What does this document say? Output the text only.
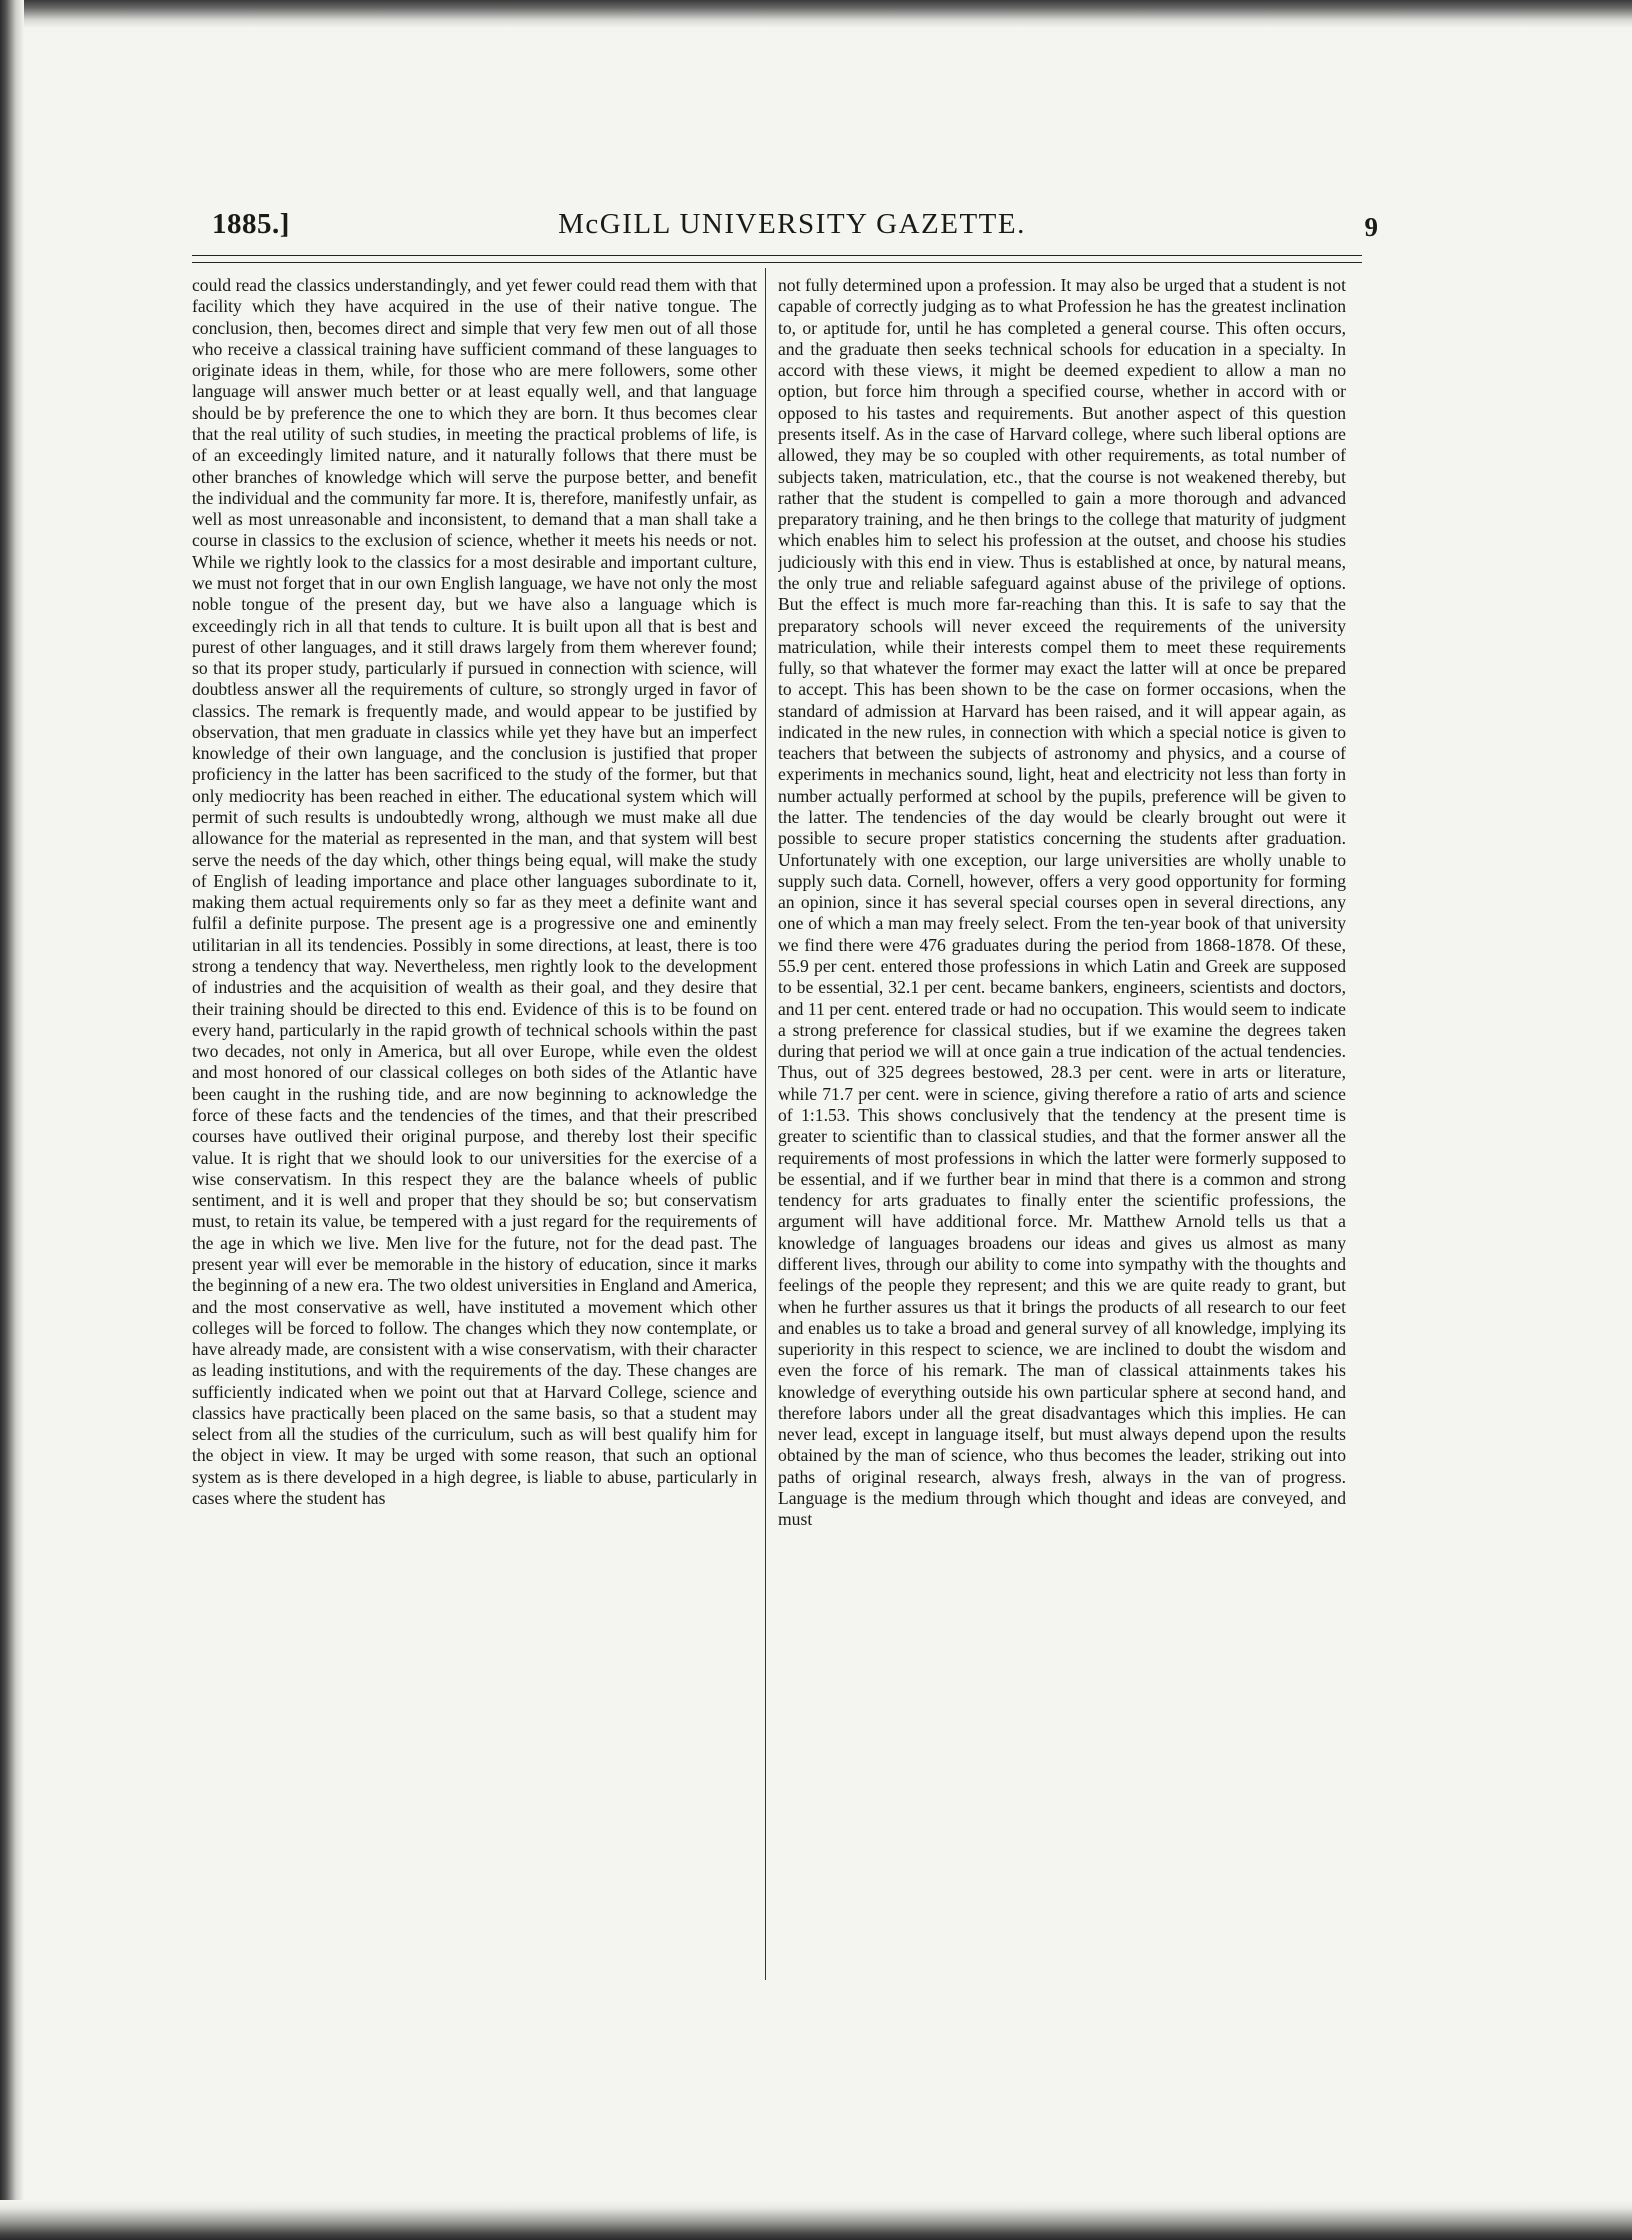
1885.]	McGILL UNIVERSITY GAZETTE.	9

could read the classics understandingly, and yet fewer could read them with that facility which they have acquired in the use of their native tongue. The conclusion, then, becomes direct and simple that very few men out of all those who receive a classical training have sufficient command of these languages to originate ideas in them, while, for those who are mere followers, some other language will answer much better or at least equally well, and that language should be by preference the one to which they are born. It thus becomes clear that the real utility of such studies, in meeting the practical problems of life, is of an exceedingly limited nature, and it naturally follows that there must be other branches of knowledge which will serve the purpose better, and benefit the individual and the community far more. It is, therefore, manifestly unfair, as well as most unreasonable and inconsistent, to demand that a man shall take a course in classics to the exclusion of science, whether it meets his needs or not. While we rightly look to the classics for a most desirable and important culture, we must not forget that in our own English language, we have not only the most noble tongue of the present day, but we have also a language which is exceedingly rich in all that tends to culture. It is built upon all that is best and purest of other languages, and it still draws largely from them wherever found; so that its proper study, particularly if pursued in connection with science, will doubtless answer all the requirements of culture, so strongly urged in favor of classics. The remark is frequently made, and would appear to be justified by observation, that men graduate in classics while yet they have but an imperfect knowledge of their own language, and the conclusion is justified that proper proficiency in the latter has been sacrificed to the study of the former, but that only mediocrity has been reached in either. The educational system which will permit of such results is undoubtedly wrong, although we must make all due allowance for the material as represented in the man, and that system will best serve the needs of the day which, other things being equal, will make the study of English of leading importance and place other languages subordinate to it, making them actual requirements only so far as they meet a definite want and fulfil a definite purpose. The present age is a progressive one and eminently utilitarian in all its tendencies. Possibly in some directions, at least, there is too strong a tendency that way. Nevertheless, men rightly look to the development of industries and the acquisition of wealth as their goal, and they desire that their training should be directed to this end. Evidence of this is to be found on every hand, particularly in the rapid growth of technical schools within the past two decades, not only in America, but all over Europe, while even the oldest and most honored of our classical colleges on both sides of the Atlantic have been caught in the rushing tide, and are now beginning to acknowledge the force of these facts and the tendencies of the times, and that their prescribed courses have outlived their original purpose, and thereby lost their specific value. It is right that we should look to our universities for the exercise of a wise conservatism. In this respect they are the balance wheels of public sentiment, and it is well and proper that they should be so; but conservatism must, to retain its value, be tempered with a just regard for the requirements of the age in which we live. Men live for the future, not for the dead past. The present year will ever be memorable in the history of education, since it marks the beginning of a new era. The two oldest universities in England and America, and the most conservative as well, have instituted a movement which other colleges will be forced to follow. The changes which they now contemplate, or have already made, are consistent with a wise conservatism, with their character as leading institutions, and with the requirements of the day. These changes are sufficiently indicated when we point out that at Harvard College, science and classics have practically been placed on the same basis, so that a student may select from all the studies of the curriculum, such as will best qualify him for the object in view. It may be urged with some reason, that such an optional system as is there developed in a high degree, is liable to abuse, particularly in cases where the student has

not fully determined upon a profession. It may also be urged that a student is not capable of correctly judging as to what Profession he has the greatest inclination to, or aptitude for, until he has completed a general course. This often occurs, and the graduate then seeks technical schools for education in a specialty. In accord with these views, it might be deemed expedient to allow a man no option, but force him through a specified course, whether in accord with or opposed to his tastes and requirements. But another aspect of this question presents itself. As in the case of Harvard college, where such liberal options are allowed, they may be so coupled with other requirements, as total number of subjects taken, matriculation, etc., that the course is not weakened thereby, but rather that the student is compelled to gain a more thorough and advanced preparatory training, and he then brings to the college that maturity of judgment which enables him to select his profession at the outset, and choose his studies judiciously with this end in view. Thus is established at once, by natural means, the only true and reliable safeguard against abuse of the privilege of options. But the effect is much more far-reaching than this. It is safe to say that the preparatory schools will never exceed the requirements of the university matriculation, while their interests compel them to meet these requirements fully, so that whatever the former may exact the latter will at once be prepared to accept. This has been shown to be the case on former occasions, when the standard of admission at Harvard has been raised, and it will appear again, as indicated in the new rules, in connection with which a special notice is given to teachers that between the subjects of astronomy and physics, and a course of experiments in mechanics sound, light, heat and electricity not less than forty in number actually performed at school by the pupils, preference will be given to the latter. The tendencies of the day would be clearly brought out were it possible to secure proper statistics concerning the students after graduation. Unfortunately with one exception, our large universities are wholly unable to supply such data. Cornell, however, offers a very good opportunity for forming an opinion, since it has several special courses open in several directions, any one of which a man may freely select. From the ten-year book of that university we find there were 476 graduates during the period from 1868-1878. Of these, 55.9 per cent. entered those professions in which Latin and Greek are supposed to be essential, 32.1 per cent. became bankers, engineers, scientists and doctors, and 11 per cent. entered trade or had no occupation. This would seem to indicate a strong preference for classical studies, but if we examine the degrees taken during that period we will at once gain a true indication of the actual tendencies. Thus, out of 325 degrees bestowed, 28.3 per cent. were in arts or literature, while 71.7 per cent. were in science, giving therefore a ratio of arts and science of 1:1.53. This shows conclusively that the tendency at the present time is greater to scientific than to classical studies, and that the former answer all the requirements of most professions in which the latter were formerly supposed to be essential, and if we further bear in mind that there is a common and strong tendency for arts graduates to finally enter the scientific professions, the argument will have additional force. Mr. Matthew Arnold tells us that a knowledge of languages broadens our ideas and gives us almost as many different lives, through our ability to come into sympathy with the thoughts and feelings of the people they represent; and this we are quite ready to grant, but when he further assures us that it brings the products of all research to our feet and enables us to take a broad and general survey of all knowledge, implying its superiority in this respect to science, we are inclined to doubt the wisdom and even the force of his remark. The man of classical attainments takes his knowledge of everything outside his own particular sphere at second hand, and therefore labors under all the great disadvantages which this implies. He can never lead, except in language itself, but must always depend upon the results obtained by the man of science, who thus becomes the leader, striking out into paths of original research, always fresh, always in the van of progress. Language is the medium through which thought and ideas are conveyed, and must
